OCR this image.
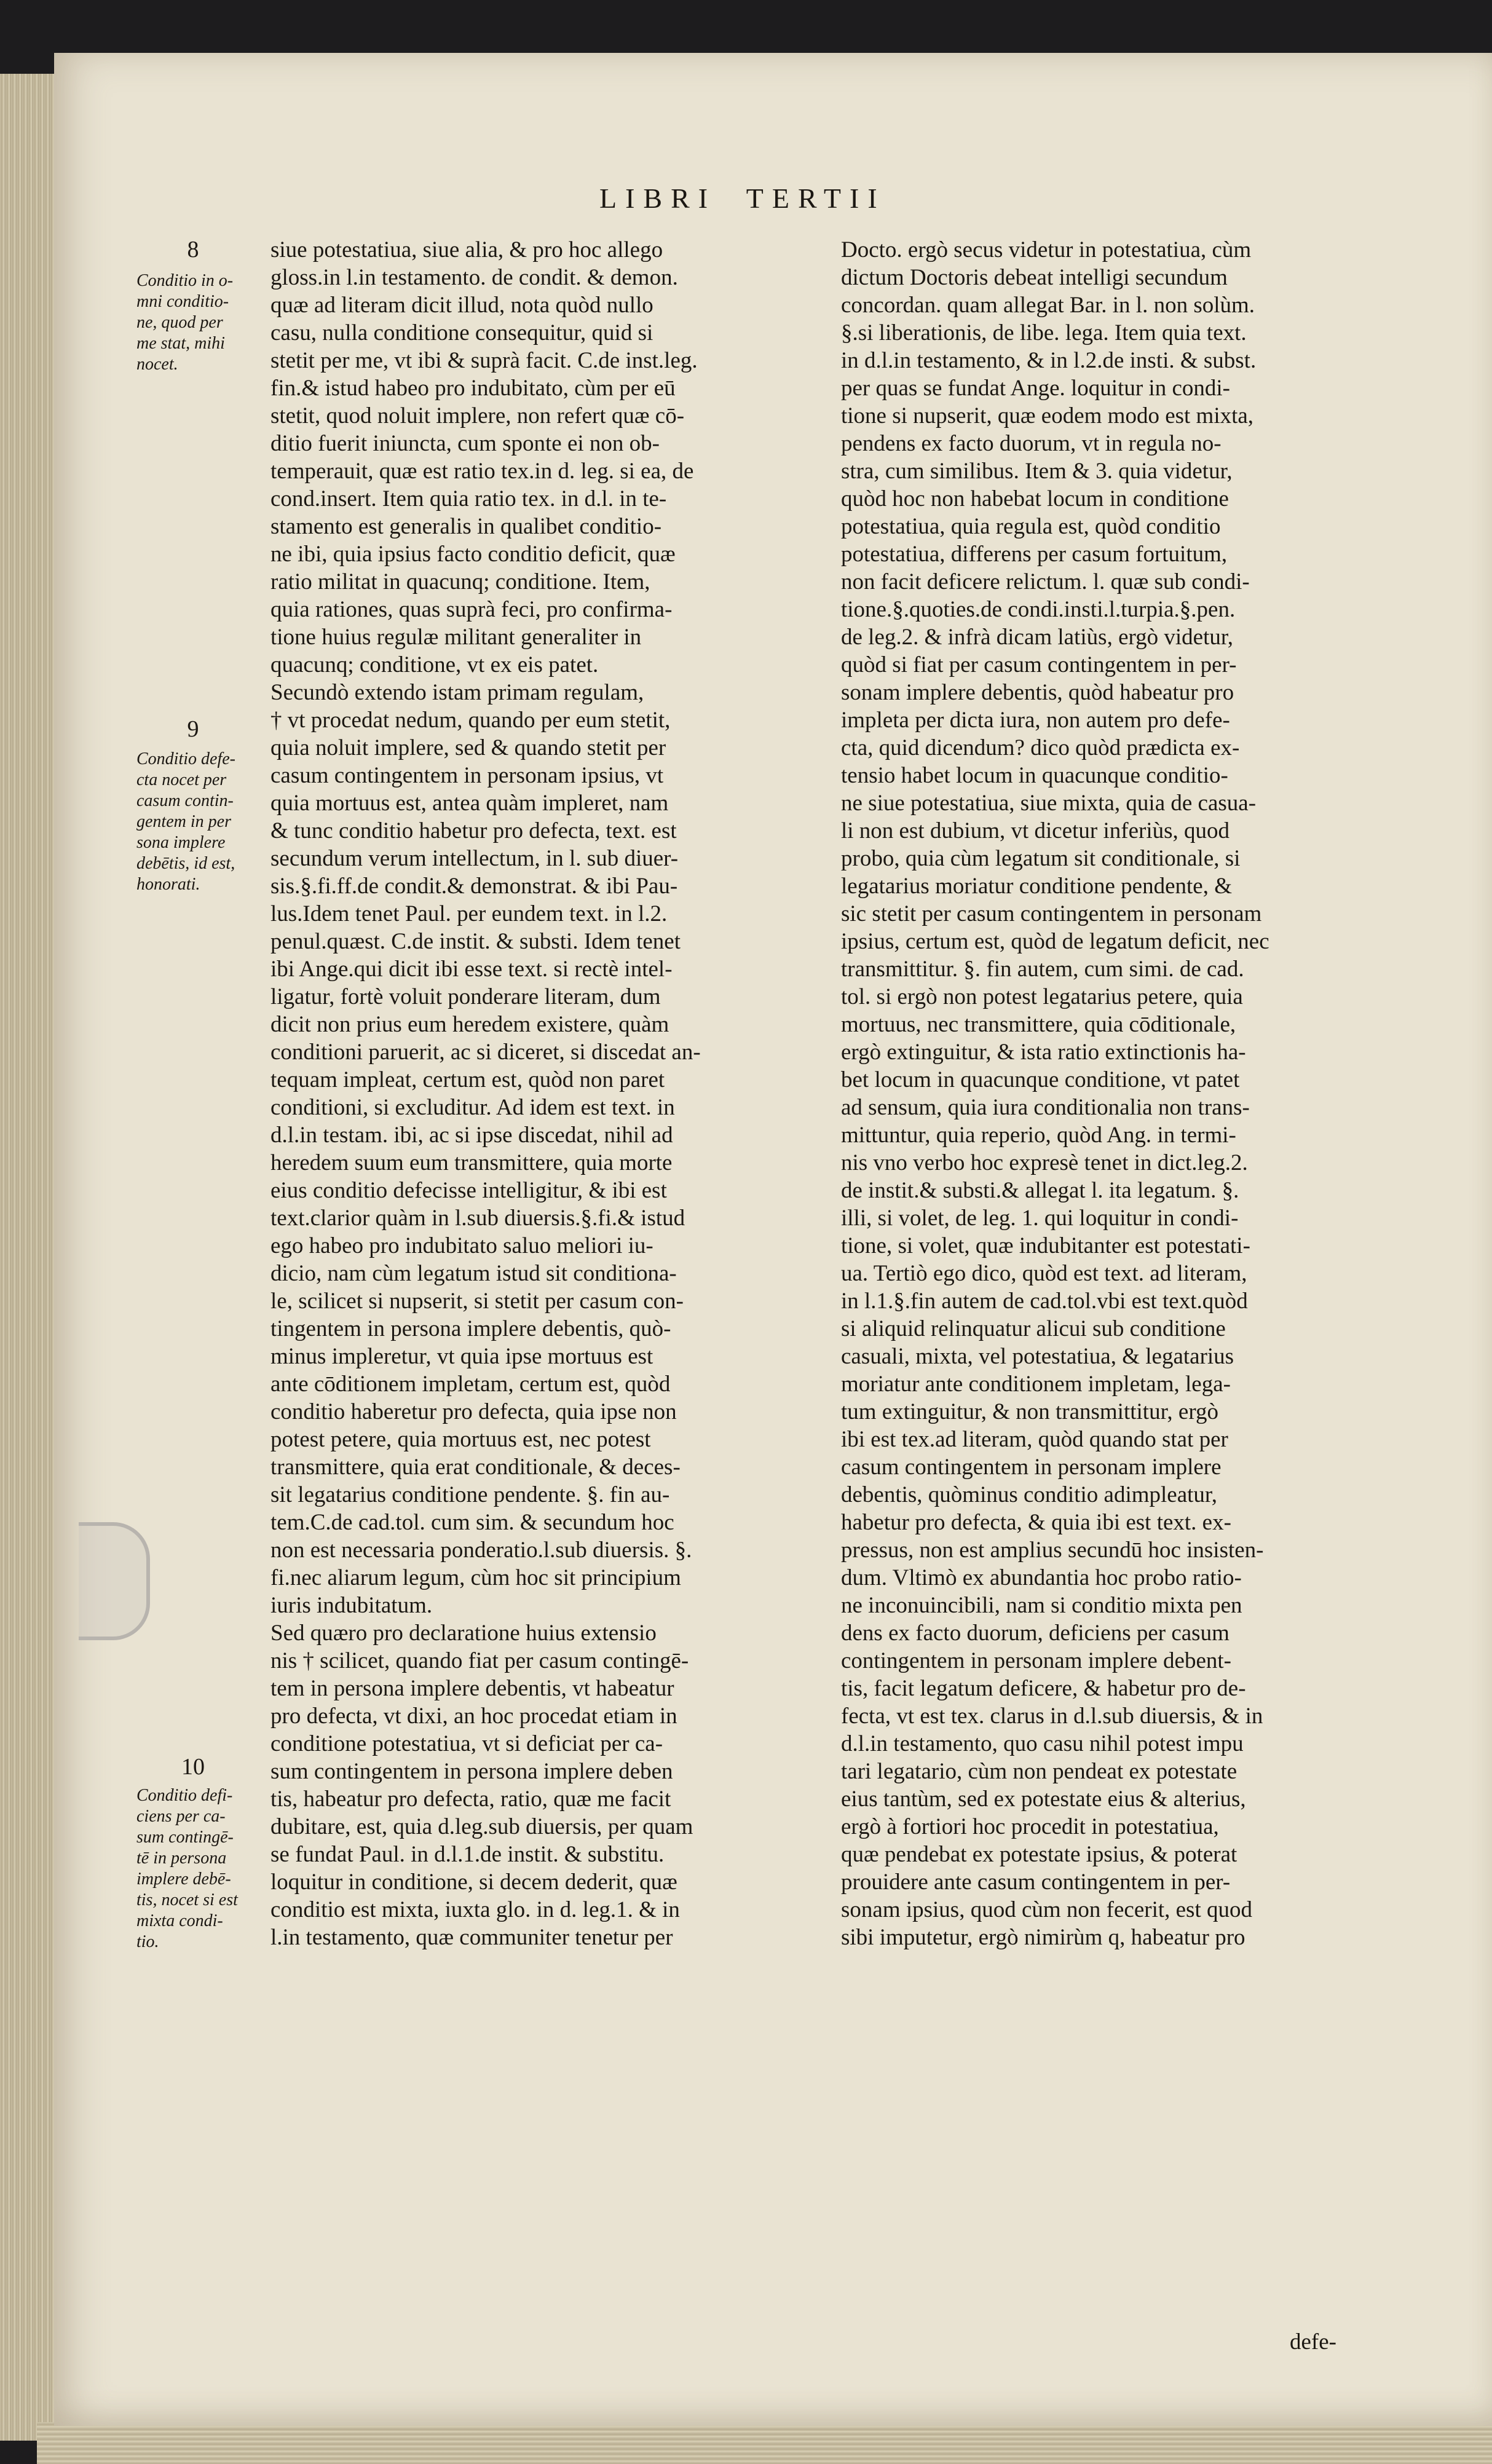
LIBRI TERTII
8
9
10
Conditio in o-
mni conditio-
ne, quod per
me stat, mihi
nocet.
Conditio defe-
cta nocet per
casum contin-
gentem in per
sona implere
debētis, id est,
honorati.
Conditio defi-
ciens per ca-
sum contingē-
tē in persona
implere debē-
tis, nocet si est
mixta condi-
tio.
siue potestatiua, siue alia, & pro hoc allego
gloss.in l.in testamento. de condit. & demon.
quæ ad literam dicit illud, nota quòd nullo
casu, nulla conditione consequitur, quid si
stetit per me, vt ibi & suprà facit. C.de inst.leg.
fin.& istud habeo pro indubitato, cùm per eū
stetit, quod noluit implere, non refert quæ cō-
ditio fuerit iniuncta, cum sponte ei non ob-
temperauit, quæ est ratio tex.in d. leg. si ea, de
cond.insert. Item quia ratio tex. in d.l. in te-
stamento est generalis in qualibet conditio-
ne ibi, quia ipsius facto conditio deficit, quæ
ratio militat in quacunq; conditione. Item,
quia rationes, quas suprà feci, pro confirma-
tione huius regulæ militant generaliter in
quacunq; conditione, vt ex eis patet.
Secundò extendo istam primam regulam,
† vt procedat nedum, quando per eum stetit,
quia noluit implere, sed & quando stetit per
casum contingentem in personam ipsius, vt
quia mortuus est, antea quàm impleret, nam
& tunc conditio habetur pro defecta, text. est
secundum verum intellectum, in l. sub diuer-
sis.§.fi.ff.de condit.& demonstrat. & ibi Pau-
lus.Idem tenet Paul. per eundem text. in l.2.
penul.quæst. C.de instit. & substi. Idem tenet
ibi Ange.qui dicit ibi esse text. si rectè intel-
ligatur, fortè voluit ponderare literam, dum
dicit non prius eum heredem existere, quàm
conditioni paruerit, ac si diceret, si discedat an-
tequam impleat, certum est, quòd non paret
conditioni, si excluditur. Ad idem est text. in
d.l.in testam. ibi, ac si ipse discedat, nihil ad
heredem suum eum transmittere, quia morte
eius conditio defecisse intelligitur, & ibi est
text.clarior quàm in l.sub diuersis.§.fi.& istud
ego habeo pro indubitato saluo meliori iu-
dicio, nam cùm legatum istud sit conditiona-
le, scilicet si nupserit, si stetit per casum con-
tingentem in persona implere debentis, quò-
minus impleretur, vt quia ipse mortuus est
ante cōditionem impletam, certum est, quòd
conditio haberetur pro defecta, quia ipse non
potest petere, quia mortuus est, nec potest
transmittere, quia erat conditionale, & deces-
sit legatarius conditione pendente. §. fin au-
tem.C.de cad.tol. cum sim. & secundum hoc
non est necessaria ponderatio.l.sub diuersis. §.
fi.nec aliarum legum, cùm hoc sit principium
iuris indubitatum.
Sed quæro pro declaratione huius extensio
nis † scilicet, quando fiat per casum contingē-
tem in persona implere debentis, vt habeatur
pro defecta, vt dixi, an hoc procedat etiam in
conditione potestatiua, vt si deficiat per ca-
sum contingentem in persona implere deben
tis, habeatur pro defecta, ratio, quæ me facit
dubitare, est, quia d.leg.sub diuersis, per quam
se fundat Paul. in d.l.1.de instit. & substitu.
loquitur in conditione, si decem dederit, quæ
conditio est mixta, iuxta glo. in d. leg.1. & in
l.in testamento, quæ communiter tenetur per
Docto. ergò secus videtur in potestatiua, cùm
dictum Doctoris debeat intelligi secundum
concordan. quam allegat Bar. in l. non solùm.
§.si liberationis, de libe. lega. Item quia text.
in d.l.in testamento, & in l.2.de insti. & subst.
per quas se fundat Ange. loquitur in condi-
tione si nupserit, quæ eodem modo est mixta,
pendens ex facto duorum, vt in regula no-
stra, cum similibus. Item & 3. quia videtur,
quòd hoc non habebat locum in conditione
potestatiua, quia regula est, quòd conditio
potestatiua, differens per casum fortuitum,
non facit deficere relictum. l. quæ sub condi-
tione.§.quoties.de condi.insti.l.turpia.§.pen.
de leg.2. & infrà dicam latiùs, ergò videtur,
quòd si fiat per casum contingentem in per-
sonam implere debentis, quòd habeatur pro
impleta per dicta iura, non autem pro defe-
cta, quid dicendum? dico quòd prædicta ex-
tensio habet locum in quacunque conditio-
ne siue potestatiua, siue mixta, quia de casua-
li non est dubium, vt dicetur inferiùs, quod
probo, quia cùm legatum sit conditionale, si
legatarius moriatur conditione pendente, &
sic stetit per casum contingentem in personam
ipsius, certum est, quòd de legatum deficit, nec
transmittitur. §. fin autem, cum simi. de cad.
tol. si ergò non potest legatarius petere, quia
mortuus, nec transmittere, quia cōditionale,
ergò extinguitur, & ista ratio extinctionis ha-
bet locum in quacunque conditione, vt patet
ad sensum, quia iura conditionalia non trans-
mittuntur, quia reperio, quòd Ang. in termi-
nis vno verbo hoc expresè tenet in dict.leg.2.
de instit.& substi.& allegat l. ita legatum. §.
illi, si volet, de leg. 1. qui loquitur in condi-
tione, si volet, quæ indubitanter est potestati-
ua. Tertiò ego dico, quòd est text. ad literam,
in l.1.§.fin autem de cad.tol.vbi est text.quòd
si aliquid relinquatur alicui sub conditione
casuali, mixta, vel potestatiua, & legatarius
moriatur ante conditionem impletam, lega-
tum extinguitur, & non transmittitur, ergò
ibi est tex.ad literam, quòd quando stat per
casum contingentem in personam implere
debentis, quòminus conditio adimpleatur,
habetur pro defecta, & quia ibi est text. ex-
pressus, non est amplius secundū hoc insisten-
dum. Vltimò ex abundantia hoc probo ratio-
ne inconuincibili, nam si conditio mixta pen
dens ex facto duorum, deficiens per casum
contingentem in personam implere debent-
tis, facit legatum deficere, & habetur pro de-
fecta, vt est tex. clarus in d.l.sub diuersis, & in
d.l.in testamento, quo casu nihil potest impu
tari legatario, cùm non pendeat ex potestate
eius tantùm, sed ex potestate eius & alterius,
ergò à fortiori hoc procedit in potestatiua,
quæ pendebat ex potestate ipsius, & poterat
prouidere ante casum contingentem in per-
sonam ipsius, quod cùm non fecerit, est quod
sibi imputetur, ergò nimirùm q, habeatur pro
defe-
